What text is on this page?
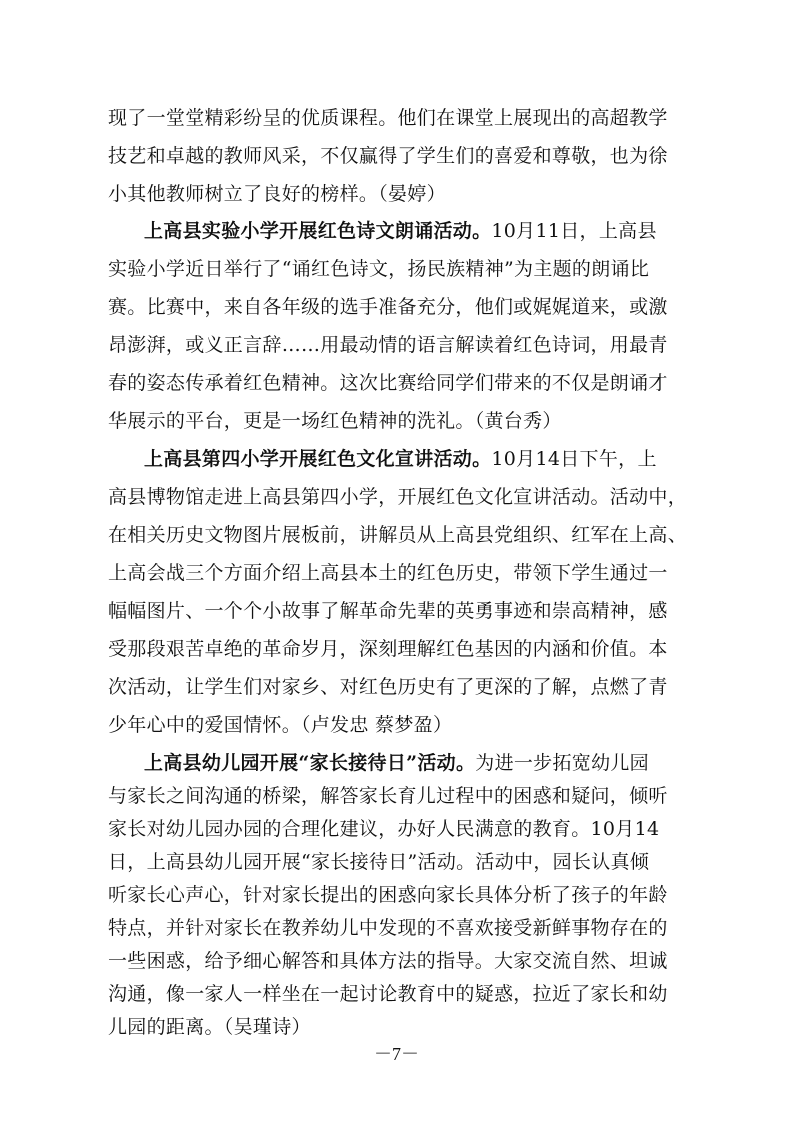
现了一堂堂精彩纷呈的优质课程。他们在课堂上展现出的高超教学
技艺和卓越的教师风采，不仅赢得了学生们的喜爱和尊敬，也为徐
小其他教师树立了良好的榜样。（晏婷）
上高县实验小学开展红色诗文朗诵活动。10月11日，上高县
实验小学近日举行了“诵红色诗文，扬民族精神”为主题的朗诵比
赛。比赛中，来自各年级的选手准备充分，他们或娓娓道来，或激
昂澎湃，或义正言辞……用最动情的语言解读着红色诗词，用最青
春的姿态传承着红色精神。这次比赛给同学们带来的不仅是朗诵才
华展示的平台，更是一场红色精神的洗礼。（黄台秀）
上高县第四小学开展红色文化宣讲活动。10月14日下午，上
高县博物馆走进上高县第四小学，开展红色文化宣讲活动。活动中，
在相关历史文物图片展板前，讲解员从上高县党组织、红军在上高、
上高会战三个方面介绍上高县本土的红色历史，带领下学生通过一
幅幅图片、一个个小故事了解革命先辈的英勇事迹和崇高精神，感
受那段艰苦卓绝的革命岁月，深刻理解红色基因的内涵和价值。本
次活动，让学生们对家乡、对红色历史有了更深的了解，点燃了青
少年心中的爱国情怀。（卢发忠 蔡梦盈）
上高县幼儿园开展“家长接待日”活动。为进一步拓宽幼儿园
与家长之间沟通的桥梁，解答家长育儿过程中的困惑和疑问，倾听
家长对幼儿园办园的合理化建议，办好人民满意的教育。10月14
日，上高县幼儿园开展“家长接待日”活动。活动中，园长认真倾
听家长心声心，针对家长提出的困惑向家长具体分析了孩子的年龄
特点，并针对家长在教养幼儿中发现的不喜欢接受新鲜事物存在的
一些困惑，给予细心解答和具体方法的指导。大家交流自然、坦诚
－7－
沟通，像一家人一样坐在一起讨论教育中的疑惑，拉近了家长和幼
儿园的距离。（吴瑾诗）
